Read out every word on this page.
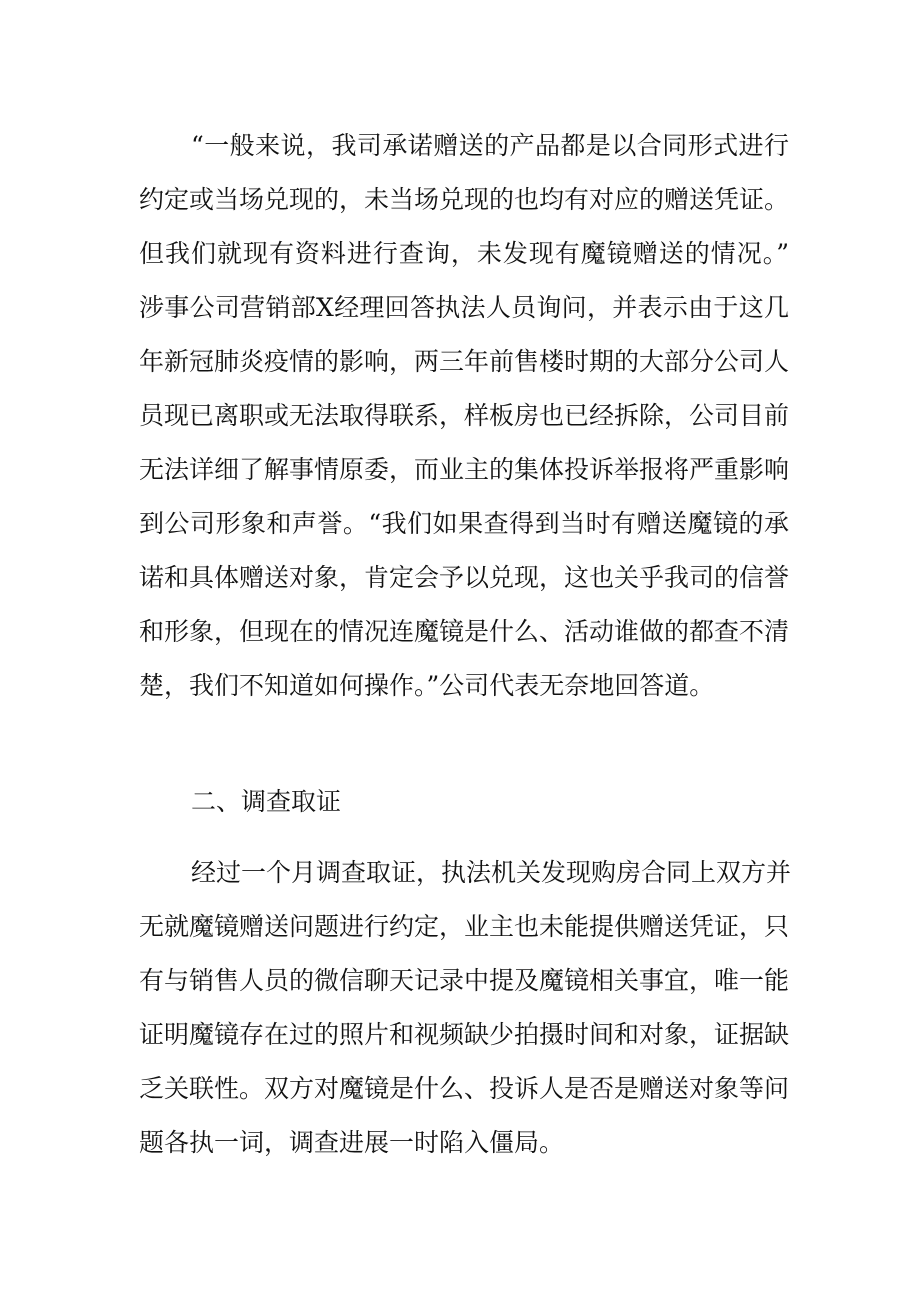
“一般来说，我司承诺赠送的产品都是以合同形式进行
约定或当场兑现的，未当场兑现的也均有对应的赠送凭证。
但我们就现有资料进行查询，未发现有魔镜赠送的情况。”
涉事公司营销部X经理回答执法人员询问，并表示由于这几
年新冠肺炎疫情的影响，两三年前售楼时期的大部分公司人
员现已离职或无法取得联系，样板房也已经拆除，公司目前
无法详细了解事情原委，而业主的集体投诉举报将严重影响
到公司形象和声誉。“我们如果查得到当时有赠送魔镜的承
诺和具体赠送对象，肯定会予以兑现，这也关乎我司的信誉
和形象，但现在的情况连魔镜是什么、活动谁做的都查不清
楚，我们不知道如何操作。”公司代表无奈地回答道。
二、调查取证
经过一个月调查取证，执法机关发现购房合同上双方并
无就魔镜赠送问题进行约定，业主也未能提供赠送凭证，只
有与销售人员的微信聊天记录中提及魔镜相关事宜，唯一能
证明魔镜存在过的照片和视频缺少拍摄时间和对象，证据缺
乏关联性。双方对魔镜是什么、投诉人是否是赠送对象等问
题各执一词，调查进展一时陷入僵局。
